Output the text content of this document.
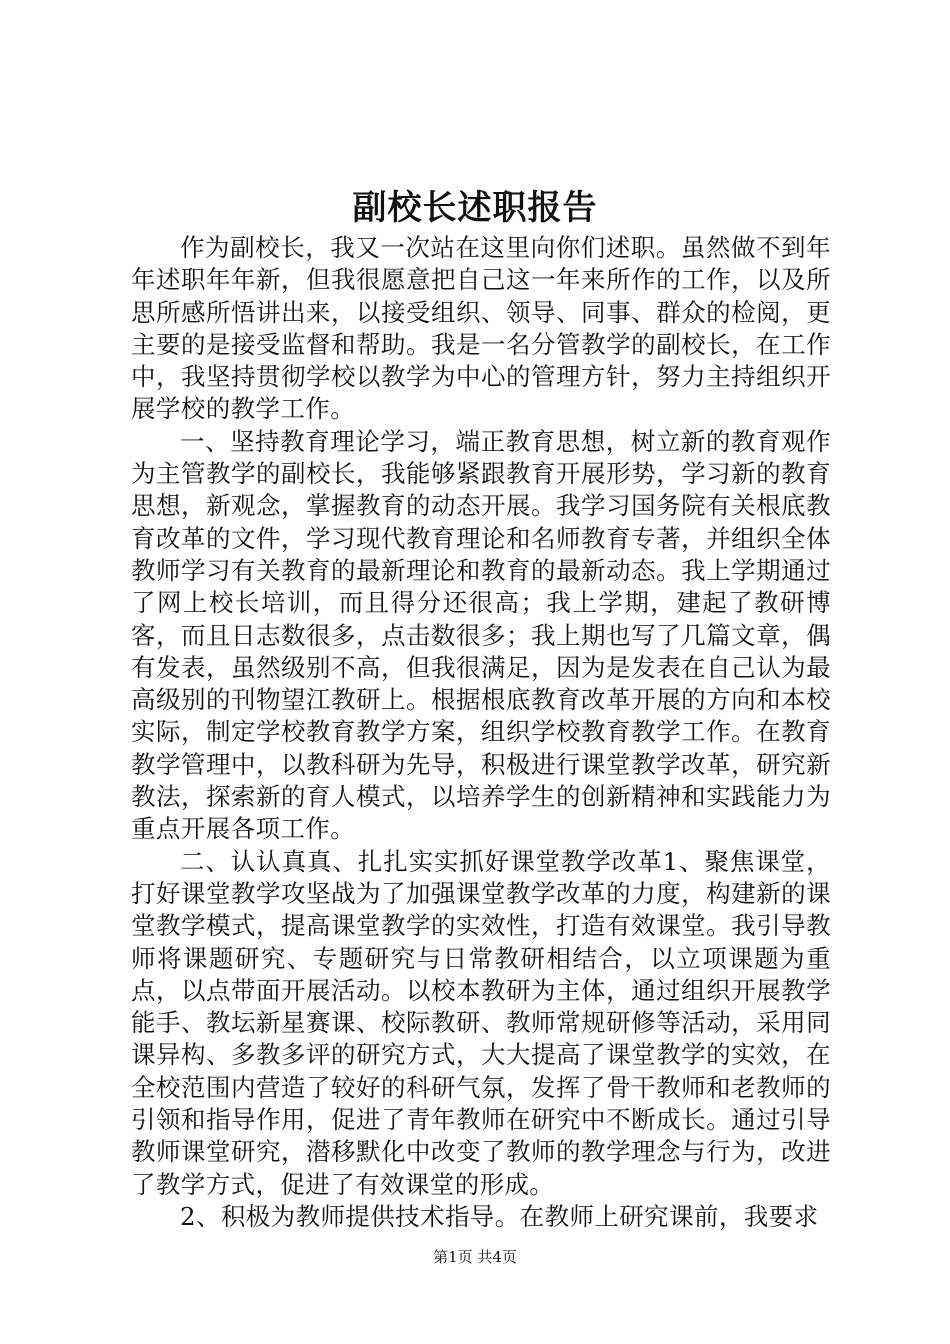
副校长述职报告

作为副校长，我又一次站在这里向你们述职。虽然做不到年年述职年年新，但我很愿意把自己这一年来所作的工作，以及所思所感所悟讲出来，以接受组织、领导、同事、群众的检阅，更主要的是接受监督和帮助。我是一名分管教学的副校长，在工作中，我坚持贯彻学校以教学为中心的管理方针，努力主持组织开展学校的教学工作。

一、坚持教育理论学习，端正教育思想，树立新的教育观作为主管教学的副校长，我能够紧跟教育开展形势，学习新的教育思想，新观念，掌握教育的动态开展。我学习国务院有关根底教育改革的文件，学习现代教育理论和名师教育专著，并组织全体教师学习有关教育的最新理论和教育的最新动态。我上学期通过了网上校长培训，而且得分还很高；我上学期，建起了教研博客，而且日志数很多，点击数很多；我上期也写了几篇文章，偶有发表，虽然级别不高，但我很满足，因为是发表在自己认为最高级别的刊物望江教研上。根据根底教育改革开展的方向和本校实际，制定学校教育教学方案，组织学校教育教学工作。在教育教学管理中，以教科研为先导，积极进行课堂教学改革，研究新教法，探索新的育人模式，以培养学生的创新精神和实践能力为重点开展各项工作。

二、认认真真、扎扎实实抓好课堂教学改革1、聚焦课堂，打好课堂教学攻坚战为了加强课堂教学改革的力度，构建新的课堂教学模式，提高课堂教学的实效性，打造有效课堂。我引导教师将课题研究、专题研究与日常教研相结合，以立项课题为重点，以点带面开展活动。以校本教研为主体，通过组织开展教学能手、教坛新星赛课、校际教研、教师常规研修等活动，采用同课异构、多教多评的研究方式，大大提高了课堂教学的实效，在全校范围内营造了较好的科研气氛，发挥了骨干教师和老教师的引领和指导作用，促进了青年教师在研究中不断成长。通过引导教师课堂研究，潜移默化中改变了教师的教学理念与行为，改进了教学方式，促进了有效课堂的形成。

2、积极为教师提供技术指导。在教师上研究课前，我要求

第1页 共4页
